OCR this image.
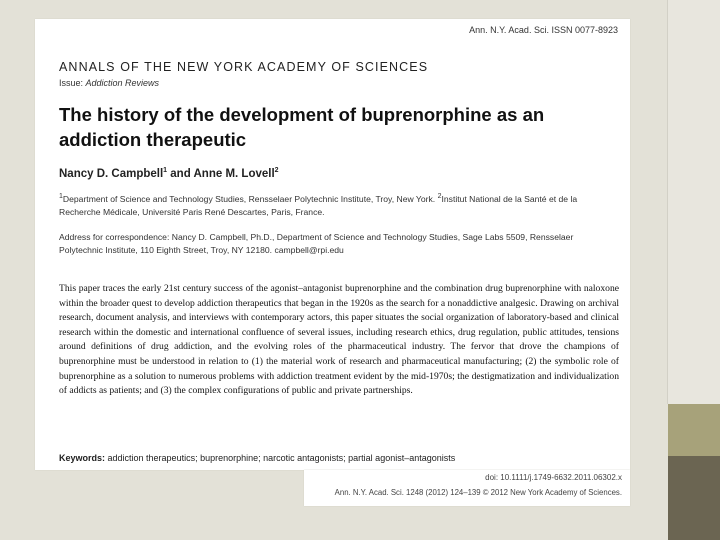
Ann. N.Y. Acad. Sci. ISSN 0077-8923
ANNALS OF THE NEW YORK ACADEMY OF SCIENCES
Issue: Addiction Reviews
The history of the development of buprenorphine as an addiction therapeutic
Nancy D. Campbell$^1$ and Anne M. Lovell$^2$
$^1$Department of Science and Technology Studies, Rensselaer Polytechnic Institute, Troy, New York. $^2$Institut National de la Santé et de la Recherche Médicale, Université Paris René Descartes, Paris, France.
Address for correspondence: Nancy D. Campbell, Ph.D., Department of Science and Technology Studies, Sage Labs 5509, Rensselaer Polytechnic Institute, 110 Eighth Street, Troy, NY 12180. campbell@rpi.edu
This paper traces the early 21st century success of the agonist–antagonist buprenorphine and the combination drug buprenorphine with naloxone within the broader quest to develop addiction therapeutics that began in the 1920s as the search for a nonaddictive analgesic. Drawing on archival research, document analysis, and interviews with contemporary actors, this paper situates the social organization of laboratory-based and clinical research within the domestic and international confluence of several issues, including research ethics, drug regulation, public attitudes, tensions around definitions of drug addiction, and the evolving roles of the pharmaceutical industry. The fervor that drove the champions of buprenorphine must be understood in relation to (1) the material work of research and pharmaceutical manufacturing; (2) the symbolic role of buprenorphine as a solution to numerous problems with addiction treatment evident by the mid-1970s; the destigmatization and individualization of addicts as patients; and (3) the complex configurations of public and private partnerships.
Keywords: addiction therapeutics; buprenorphine; narcotic antagonists; partial agonist–antagonists
doi: 10.1111/j.1749-6632.2011.06302.x
Ann. N.Y. Acad. Sci. 1248 (2012) 124–139 © 2012 New York Academy of Sciences.
